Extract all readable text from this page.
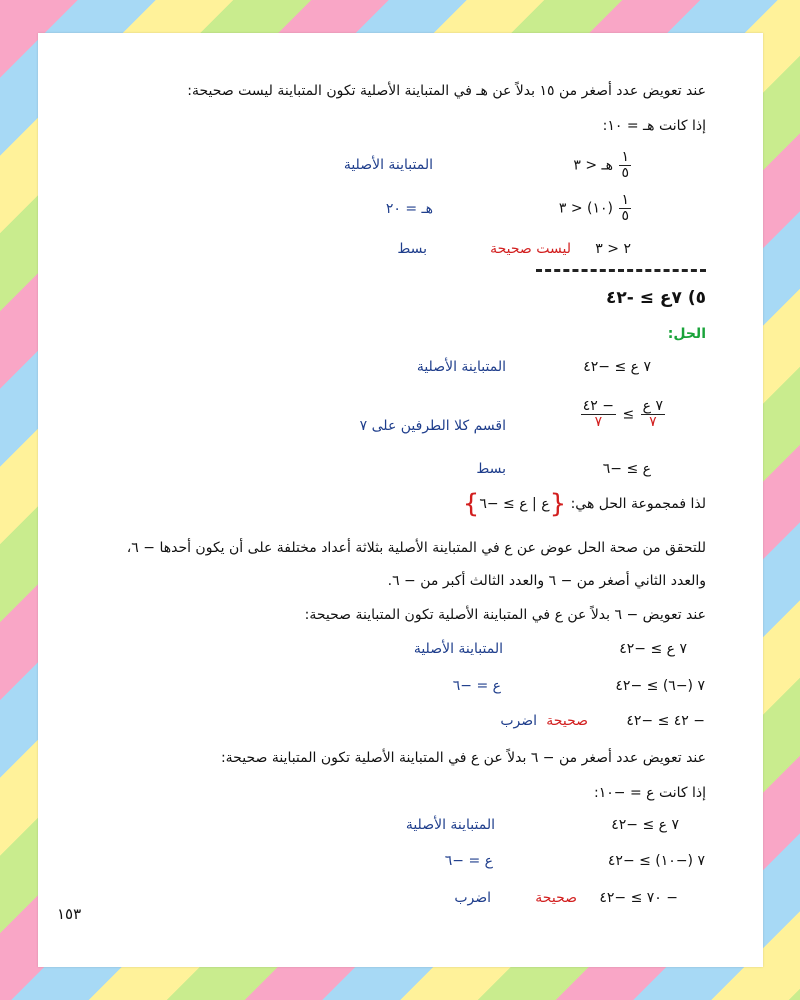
عند تعويض عدد أصغر من ١٥ بدلاً عن هـ في المتباينة الأصلية تكون المتباينة ليست صحيحة:
إذا كانت هـ = ١٠:
$\frac{١}{٥}$
هـ < ٣
المتباينة الأصلية
$\frac{١}{٥}$
(١٠) < ٣
هـ = ٢٠
٢ < ٣
ليست صحيحة
بسط
٥) ٧ع ≥ -٤٢
الحل:
٧ ع ≥ −٤٢
المتباينة الأصلية
$\frac{\text{٧ ع}}{٧}$
≥
$\frac{- ٤٢}{٧}$
اقسم كلا الطرفين على ٧
ع ≥ −٦
بسط
لذا فمجموعة الحل هي: {ع | ع ≥ −٦}
للتحقق من صحة الحل عوض عن ع في المتباينة الأصلية بثلاثة أعداد مختلفة على أن يكون أحدها − ٦،
والعدد الثاني أصغر من − ٦ والعدد الثالث أكبر من − ٦.
عند تعويض − ٦ بدلاً عن ع في المتباينة الأصلية تكون المتباينة صحيحة:
٧ ع ≥ −٤٢
المتباينة الأصلية
٧ (−٦) ≥ −٤٢
ع = −٦
− ٤٢ ≥ −٤٢
صحيحة
اضرب
عند تعويض عدد أصغر من − ٦ بدلاً عن ع في المتباينة الأصلية تكون المتباينة صحيحة:
إذا كانت ع = −١٠:
٧ ع ≥ −٤٢
المتباينة الأصلية
٧ (−١٠) ≥ −٤٢
ع = −٦
− ٧٠ ≥ −٤٢
صحيحة
اضرب
١٥٣
